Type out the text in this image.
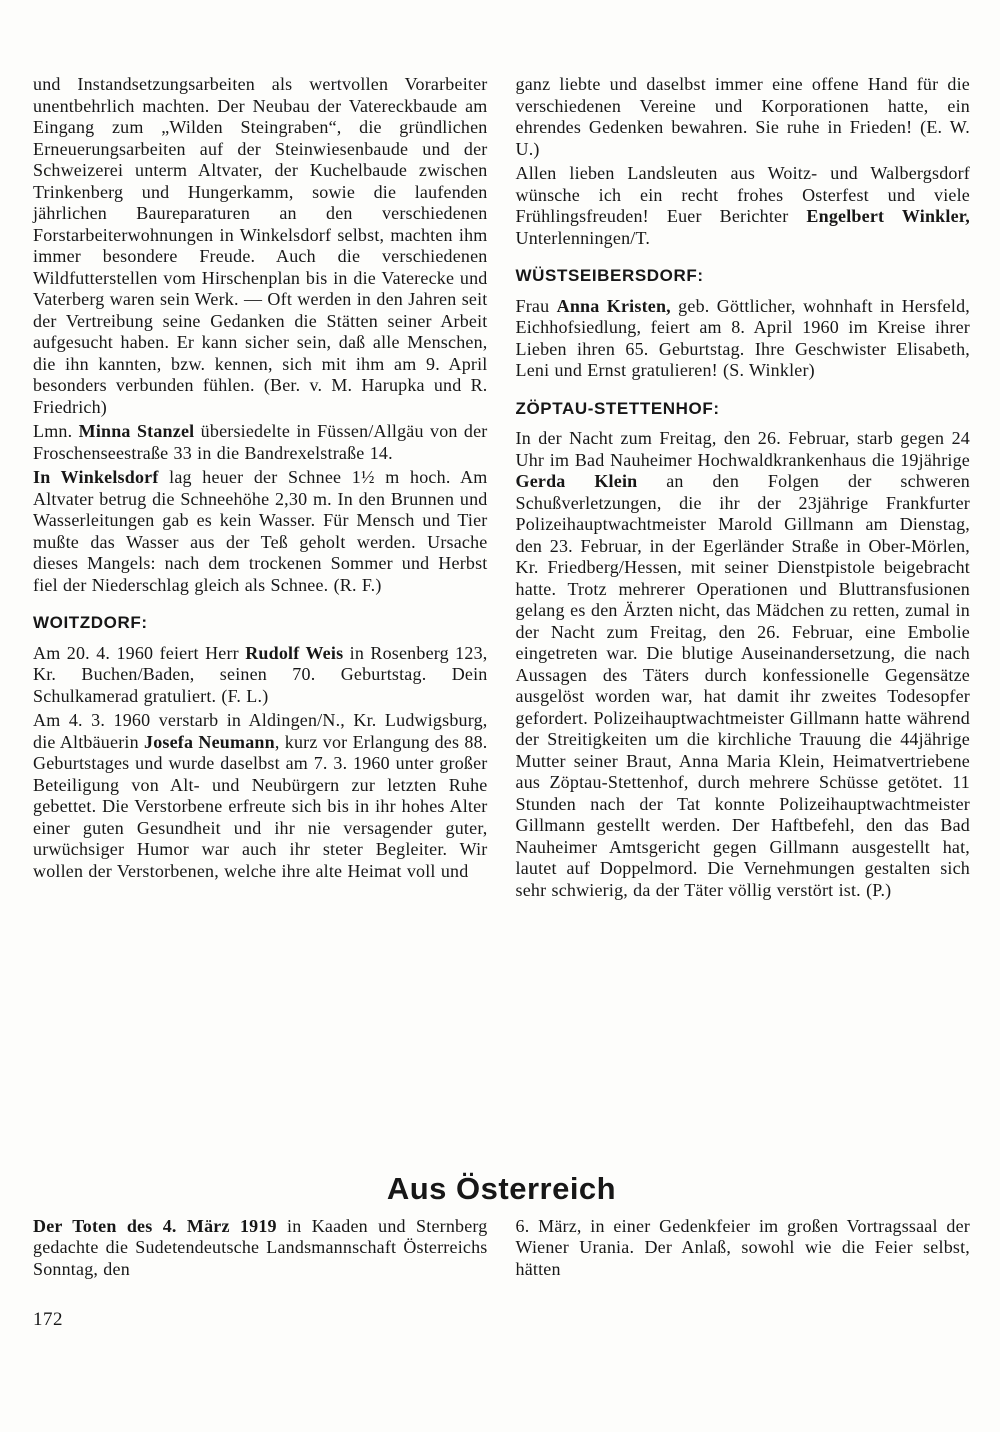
und Instandsetzungsarbeiten als wertvollen Vorarbeiter unentbehrlich machten. Der Neubau der Vatereckbaude am Eingang zum „Wilden Steingraben“, die gründlichen Erneuerungsarbeiten auf der Steinwiesenbaude und der Schweizerei unterm Altvater, der Kuchelbaude zwischen Trinkenberg und Hungerkamm, sowie die laufenden jährlichen Baureparaturen an den verschiedenen Forstarbeiterwohnungen in Winkelsdorf selbst, machten ihm immer besondere Freude. Auch die verschiedenen Wildfutterstellen vom Hirschenplan bis in die Vaterecke und Vaterberg waren sein Werk. — Oft werden in den Jahren seit der Vertreibung seine Gedanken die Stätten seiner Arbeit aufgesucht haben. Er kann sicher sein, daß alle Menschen, die ihn kannten, bzw. kennen, sich mit ihm am 9. April besonders verbunden fühlen. (Ber. v. M. Harupka und R. Friedrich)

Lmn. Minna Stanzel übersiedelte in Füssen/Allgäu von der Froschenseestraße 33 in die Bandrexelstraße 14.

In Winkelsdorf lag heuer der Schnee 1½ m hoch. Am Altvater betrug die Schneehöhe 2,30 m. In den Brunnen und Wasserleitungen gab es kein Wasser. Für Mensch und Tier mußte das Wasser aus der Teß geholt werden. Ursache dieses Mangels: nach dem trockenen Sommer und Herbst fiel der Niederschlag gleich als Schnee. (R. F.)

WOITZDORF:

Am 20. 4. 1960 feiert Herr Rudolf Weis in Rosenberg 123, Kr. Buchen/Baden, seinen 70. Geburtstag. Dein Schulkamerad gratuliert. (F. L.)

Am 4. 3. 1960 verstarb in Aldingen/N., Kr. Ludwigsburg, die Altbäuerin Josefa Neumann, kurz vor Erlangung des 88. Geburtstages und wurde daselbst am 7. 3. 1960 unter großer Beteiligung von Alt- und Neubürgern zur letzten Ruhe gebettet. Die Verstorbene erfreute sich bis in ihr hohes Alter einer guten Gesundheit und ihr nie versagender guter, urwüchsiger Humor war auch ihr steter Begleiter. Wir wollen der Verstorbenen, welche ihre alte Heimat voll und

ganz liebte und daselbst immer eine offene Hand für die verschiedenen Vereine und Korporationen hatte, ein ehrendes Gedenken bewahren. Sie ruhe in Frieden! (E. W. U.)

Allen lieben Landsleuten aus Woitz- und Walbergsdorf wünsche ich ein recht frohes Osterfest und viele Frühlingsfreuden! Euer Berichter Engelbert Winkler, Unterlenningen/T.

WÜSTSEIBERSDORF:

Frau Anna Kristen, geb. Göttlicher, wohnhaft in Hersfeld, Eichhofsiedlung, feiert am 8. April 1960 im Kreise ihrer Lieben ihren 65. Geburtstag. Ihre Geschwister Elisabeth, Leni und Ernst gratulieren! (S. Winkler)

ZÖPTAU-STETTENHOF:

In der Nacht zum Freitag, den 26. Februar, starb gegen 24 Uhr im Bad Nauheimer Hochwaldkrankenhaus die 19jährige Gerda Klein an den Folgen der schweren Schußverletzungen, die ihr der 23jährige Frankfurter Polizeihauptwachtmeister Marold Gillmann am Dienstag, den 23. Februar, in der Egerländer Straße in Ober-Mörlen, Kr. Friedberg/Hessen, mit seiner Dienstpistole beigebracht hatte. Trotz mehrerer Operationen und Bluttransfusionen gelang es den Ärzten nicht, das Mädchen zu retten, zumal in der Nacht zum Freitag, den 26. Februar, eine Embolie eingetreten war. Die blutige Auseinandersetzung, die nach Aussagen des Täters durch konfessionelle Gegensätze ausgelöst worden war, hat damit ihr zweites Todesopfer gefordert. Polizeihauptwachtmeister Gillmann hatte während der Streitigkeiten um die kirchliche Trauung die 44jährige Mutter seiner Braut, Anna Maria Klein, Heimatvertriebene aus Zöptau-Stettenhof, durch mehrere Schüsse getötet. 11 Stunden nach der Tat konnte Polizeihauptwachtmeister Gillmann gestellt werden. Der Haftbefehl, den das Bad Nauheimer Amtsgericht gegen Gillmann ausgestellt hat, lautet auf Doppelmord. Die Vernehmungen gestalten sich sehr schwierig, da der Täter völlig verstört ist. (P.)

Aus Österreich

Der Toten des 4. März 1919 in Kaaden und Sternberg gedachte die Sudetendeutsche Landsmannschaft Österreichs Sonntag, den

6. März, in einer Gedenkfeier im großen Vortragssaal der Wiener Urania. Der Anlaß, sowohl wie die Feier selbst, hätten

172
